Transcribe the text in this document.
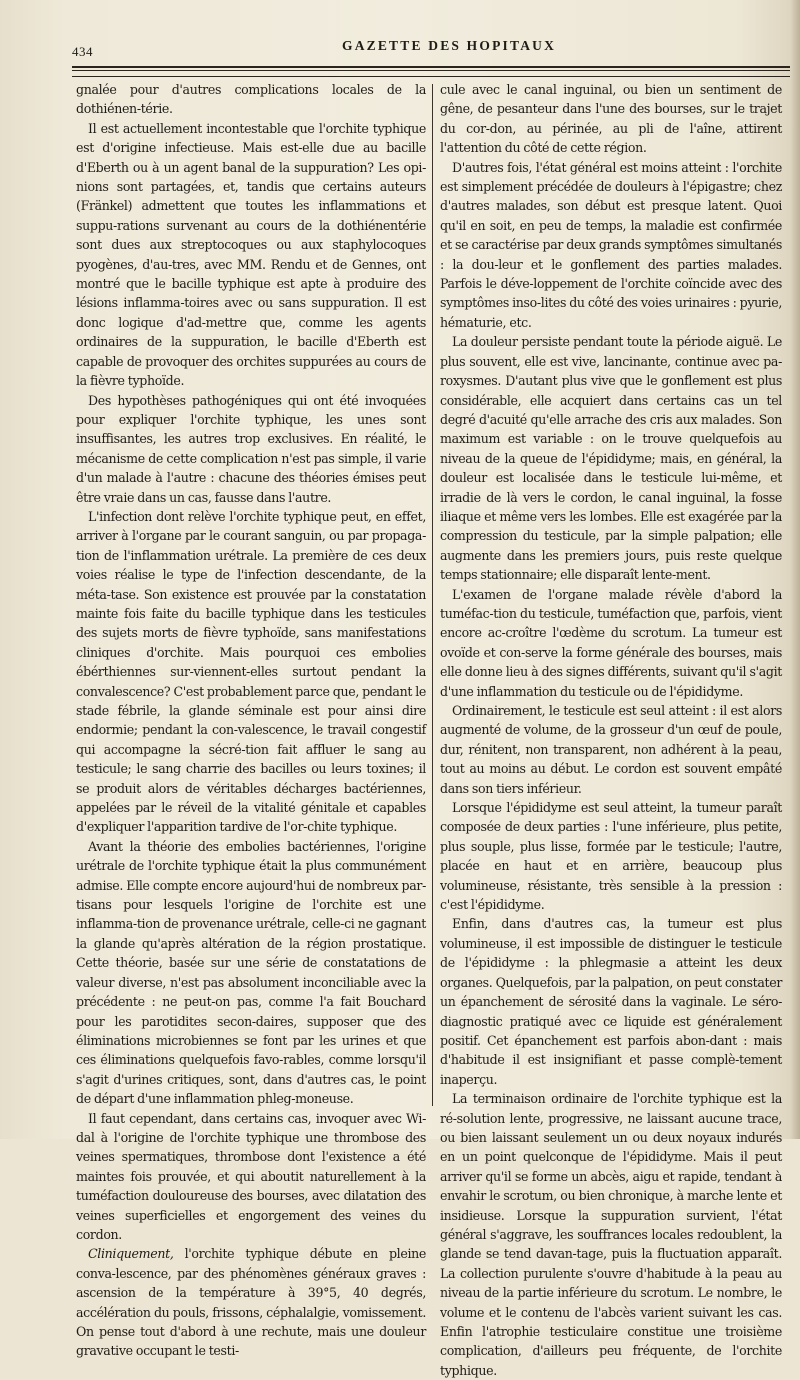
434	GAZETTE DES HOPITAUX

gnalée pour d'autres complications locales de la dothiénen-térie.

Il est actuellement incontestable que l'orchite typhique est d'origine infectieuse. Mais est-elle due au bacille d'Eberth ou à un agent banal de la suppuration? Les opi-nions sont partagées, et, tandis que certains auteurs (Fränkel) admettent que toutes les inflammations et suppu-rations survenant au cours de la dothiénentérie sont dues aux streptocoques ou aux staphylocoques pyogènes, d'au-tres, avec MM. Rendu et de Gennes, ont montré que le bacille typhique est apte à produire des lésions inflamma-toires avec ou sans suppuration. Il est donc logique d'ad-mettre que, comme les agents ordinaires de la suppuration, le bacille d'Eberth est capable de provoquer des orchites suppurées au cours de la fièvre typhoïde.

Des hypothèses pathogéniques qui ont été invoquées pour expliquer l'orchite typhique, les unes sont insuffisantes, les autres trop exclusives. En réalité, le mécanisme de cette complication n'est pas simple, il varie d'un malade à l'autre : chacune des théories émises peut être vraie dans un cas, fausse dans l'autre.

L'infection dont relève l'orchite typhique peut, en effet, arriver à l'organe par le courant sanguin, ou par propaga-tion de l'inflammation urétrale. La première de ces deux voies réalise le type de l'infection descendante, de la méta-tase. Son existence est prouvée par la constatation mainte fois faite du bacille typhique dans les testicules des sujets morts de fièvre typhoïde, sans manifestations cliniques d'orchite. Mais pourquoi ces embolies ébérthiennes sur-viennent-elles surtout pendant la convalescence? C'est probablement parce que, pendant le stade fébrile, la glande séminale est pour ainsi dire endormie; pendant la con-valescence, le travail congestif qui accompagne la sécré-tion fait affluer le sang au testicule; le sang charrie des bacilles ou leurs toxines; il se produit alors de véritables décharges bactériennes, appelées par le réveil de la vitalité génitale et capables d'expliquer l'apparition tardive de l'or-chite typhique.

Avant la théorie des embolies bactériennes, l'origine urétrale de l'orchite typhique était la plus communément admise. Elle compte encore aujourd'hui de nombreux par-tisans pour lesquels l'origine de l'orchite est une inflamma-tion de provenance urétrale, celle-ci ne gagnant la glande qu'après altération de la région prostatique. Cette théorie, basée sur une série de constatations de valeur diverse, n'est pas absolument inconciliable avec la précédente : ne peut-on pas, comme l'a fait Bouchard pour les parotidites secon-daires, supposer que des éliminations microbiennes se font par les urines et que ces éliminations quelquefois favo-rables, comme lorsqu'il s'agit d'urines critiques, sont, dans d'autres cas, le point de départ d'une inflammation phleg-moneuse.

Il faut cependant, dans certains cas, invoquer avec Wi-dal à l'origine de l'orchite typhique une thrombose des veines spermatiques, thrombose dont l'existence a été maintes fois prouvée, et qui aboutit naturellement à la tuméfaction douloureuse des bourses, avec dilatation des veines superficielles et engorgement des veines du cordon.

Cliniquement, l'orchite typhique débute en pleine conva-lescence, par des phénomènes généraux graves : ascension de la température à 39°5, 40 degrés, accélération du pouls, frissons, céphalalgie, vomissement. On pense tout d'abord à une rechute, mais une douleur gravative occupant le testi-

cule avec le canal inguinal, ou bien un sentiment de gêne, de pesanteur dans l'une des bourses, sur le trajet du cor-don, au périnée, au pli de l'aîne, attirent l'attention du côté de cette région.

D'autres fois, l'état général est moins atteint : l'orchite est simplement précédée de douleurs à l'épigastre; chez d'autres malades, son début est presque latent. Quoi qu'il en soit, en peu de temps, la maladie est confirmée et se caractérise par deux grands symptômes simultanés : la dou-leur et le gonflement des parties malades. Parfois le déve-loppement de l'orchite coïncide avec des symptômes inso-lites du côté des voies urinaires : pyurie, hématurie, etc.

La douleur persiste pendant toute la période aiguë. Le plus souvent, elle est vive, lancinante, continue avec pa-roxysmes. D'autant plus vive que le gonflement est plus considérable, elle acquiert dans certains cas un tel degré d'acuité qu'elle arrache des cris aux malades. Son maximum est variable : on le trouve quelquefois au niveau de la queue de l'épididyme; mais, en général, la douleur est localisée dans le testicule lui-même, et irradie de là vers le cordon, le canal inguinal, la fosse iliaque et même vers les lombes. Elle est exagérée par la compression du testicule, par la simple palpation; elle augmente dans les premiers jours, puis reste quelque temps stationnaire; elle disparaît lente-ment.

L'examen de l'organe malade révèle d'abord la tuméfac-tion du testicule, tuméfaction que, parfois, vient encore ac-croître l'œdème du scrotum. La tumeur est ovoïde et con-serve la forme générale des bourses, mais elle donne lieu à des signes différents, suivant qu'il s'agit d'une inflammation du testicule ou de l'épididyme.

Ordinairement, le testicule est seul atteint : il est alors augmenté de volume, de la grosseur d'un œuf de poule, dur, rénitent, non transparent, non adhérent à la peau, tout au moins au début. Le cordon est souvent empâté dans son tiers inférieur.

Lorsque l'épididyme est seul atteint, la tumeur paraît composée de deux parties : l'une inférieure, plus petite, plus souple, plus lisse, formée par le testicule; l'autre, placée en haut et en arrière, beaucoup plus volumineuse, résistante, très sensible à la pression : c'est l'épididyme.

Enfin, dans d'autres cas, la tumeur est plus volumineuse, il est impossible de distinguer le testicule de l'épididyme : la phlegmasie a atteint les deux organes. Quelquefois, par la palpation, on peut constater un épanchement de sérosité dans la vaginale. Le séro-diagnostic pratiqué avec ce liquide est généralement positif. Cet épanchement est parfois abon-dant : mais d'habitude il est insignifiant et passe complè-tement inaperçu.

La terminaison ordinaire de l'orchite typhique est la ré-solution lente, progressive, ne laissant aucune trace, ou bien laissant seulement un ou deux noyaux indurés en un point quelconque de l'épididyme. Mais il peut arriver qu'il se forme un abcès, aigu et rapide, tendant à envahir le scrotum, ou bien chronique, à marche lente et insidieuse. Lorsque la suppuration survient, l'état général s'aggrave, les souffrances locales redoublent, la glande se tend davan-tage, puis la fluctuation apparaît. La collection purulente s'ouvre d'habitude à la peau au niveau de la partie inférieure du scrotum. Le nombre, le volume et le contenu de l'abcès varient suivant les cas. Enfin l'atrophie testiculaire constitue une troisième complication, d'ailleurs peu fréquente, de l'orchite typhique.
